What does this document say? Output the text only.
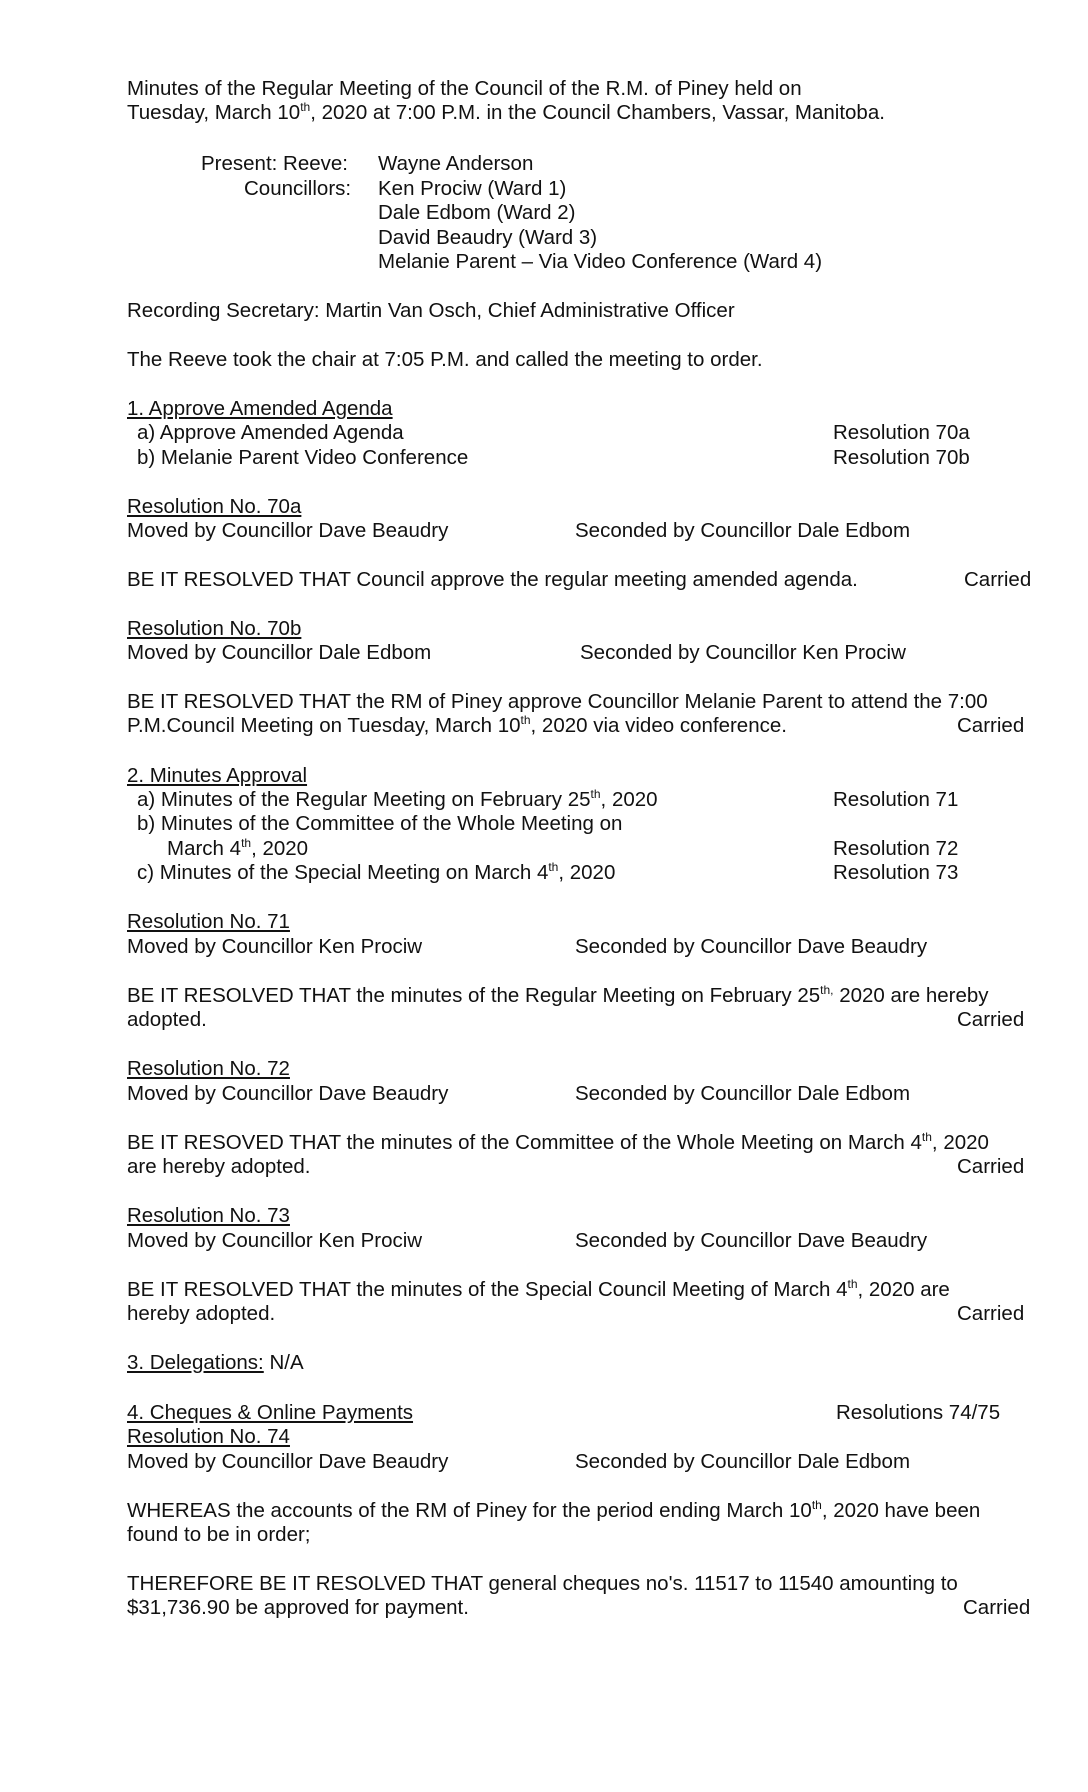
Minutes of the Regular Meeting of the Council of the R.M. of Piney held on
Tuesday, March 10th, 2020 at 7:00 P.M. in the Council Chambers, Vassar, Manitoba.
Present: Reeve: Wayne Anderson
Councillors: Ken Prociw (Ward 1)
Dale Edbom (Ward 2)
David Beaudry (Ward 3)
Melanie Parent – Via Video Conference (Ward 4)
Recording Secretary: Martin Van Osch, Chief Administrative Officer
The Reeve took the chair at 7:05 P.M. and called the meeting to order.
1. Approve Amended Agenda
a) Approve Amended Agenda	Resolution 70a
b) Melanie Parent Video Conference	Resolution 70b
Resolution No. 70a
Moved by Councillor Dave Beaudry	Seconded by Councillor Dale Edbom
BE IT RESOLVED THAT Council approve the regular meeting amended agenda.	Carried
Resolution No. 70b
Moved by Councillor Dale Edbom	Seconded by Councillor Ken Prociw
BE IT RESOLVED THAT the RM of Piney approve Councillor Melanie Parent to attend the 7:00
P.M.Council Meeting on Tuesday, March 10th, 2020 via video conference.	Carried
2. Minutes Approval
a) Minutes of the Regular Meeting on February 25th, 2020	Resolution 71
b) Minutes of the Committee of the Whole Meeting on
March 4th, 2020	Resolution 72
c) Minutes of the Special Meeting on March 4th, 2020	Resolution 73
Resolution No. 71
Moved by Councillor Ken Prociw	Seconded by Councillor Dave Beaudry
BE IT RESOLVED THAT the minutes of the Regular Meeting on February $25^{th,}$ 2020 are hereby
adopted.	Carried
Resolution No. 72
Moved by Councillor Dave Beaudry	Seconded by Councillor Dale Edbom
BE IT RESOVED THAT the minutes of the Committee of the Whole Meeting on March 4th, 2020
are hereby adopted.	Carried
Resolution No. 73
Moved by Councillor Ken Prociw	Seconded by Councillor Dave Beaudry
BE IT RESOLVED THAT the minutes of the Special Council Meeting of March 4th, 2020 are
hereby adopted.	Carried
3. Delegations: N/A
4. Cheques & Online Payments	Resolutions 74/75
Resolution No. 74
Moved by Councillor Dave Beaudry	Seconded by Councillor Dale Edbom
WHEREAS the accounts of the RM of Piney for the period ending March 10th, 2020 have been
found to be in order;
THEREFORE BE IT RESOLVED THAT general cheques no's. 11517 to 11540 amounting to
$31,736.90 be approved for payment.	Carried
